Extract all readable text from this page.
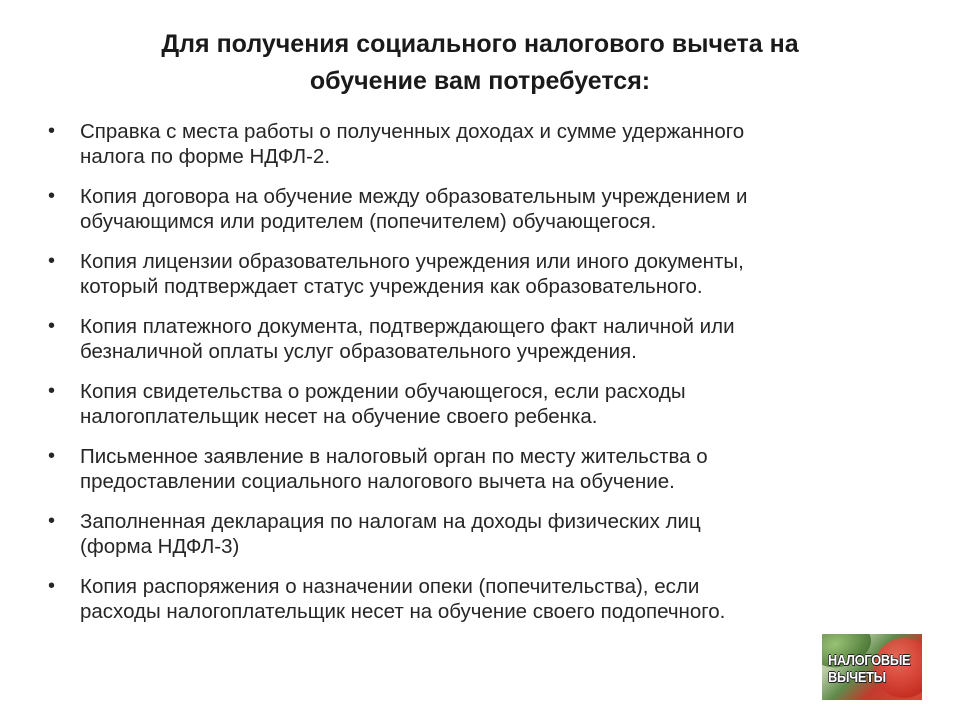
Для получения социального налогового вычета на
обучение вам потребуется:
• Справка с места работы о полученных доходах и сумме удержанного
налога по форме НДФЛ-2.
• Копия договора на обучение между образовательным учреждением и
обучающимся или родителем (попечителем) обучающегося.
• Копия лицензии образовательного учреждения или иного документы,
который подтверждает статус учреждения как образовательного.
• Копия платежного документа, подтверждающего факт наличной или
безналичной оплаты услуг образовательного учреждения.
• Копия свидетельства о рождении обучающегося, если расходы
налогоплательщик несет на обучение своего ребенка.
• Письменное заявление в налоговый орган по месту жительства о
предоставлении социального налогового вычета на обучение.
• Заполненная декларация по налогам на доходы физических лиц
(форма НДФЛ-3)
• Копия распоряжения о назначении опеки (попечительства), если
расходы налогоплательщик несет на обучение своего подопечного.
НАЛОГОВЫЕ
ВЫЧЕТЫ
